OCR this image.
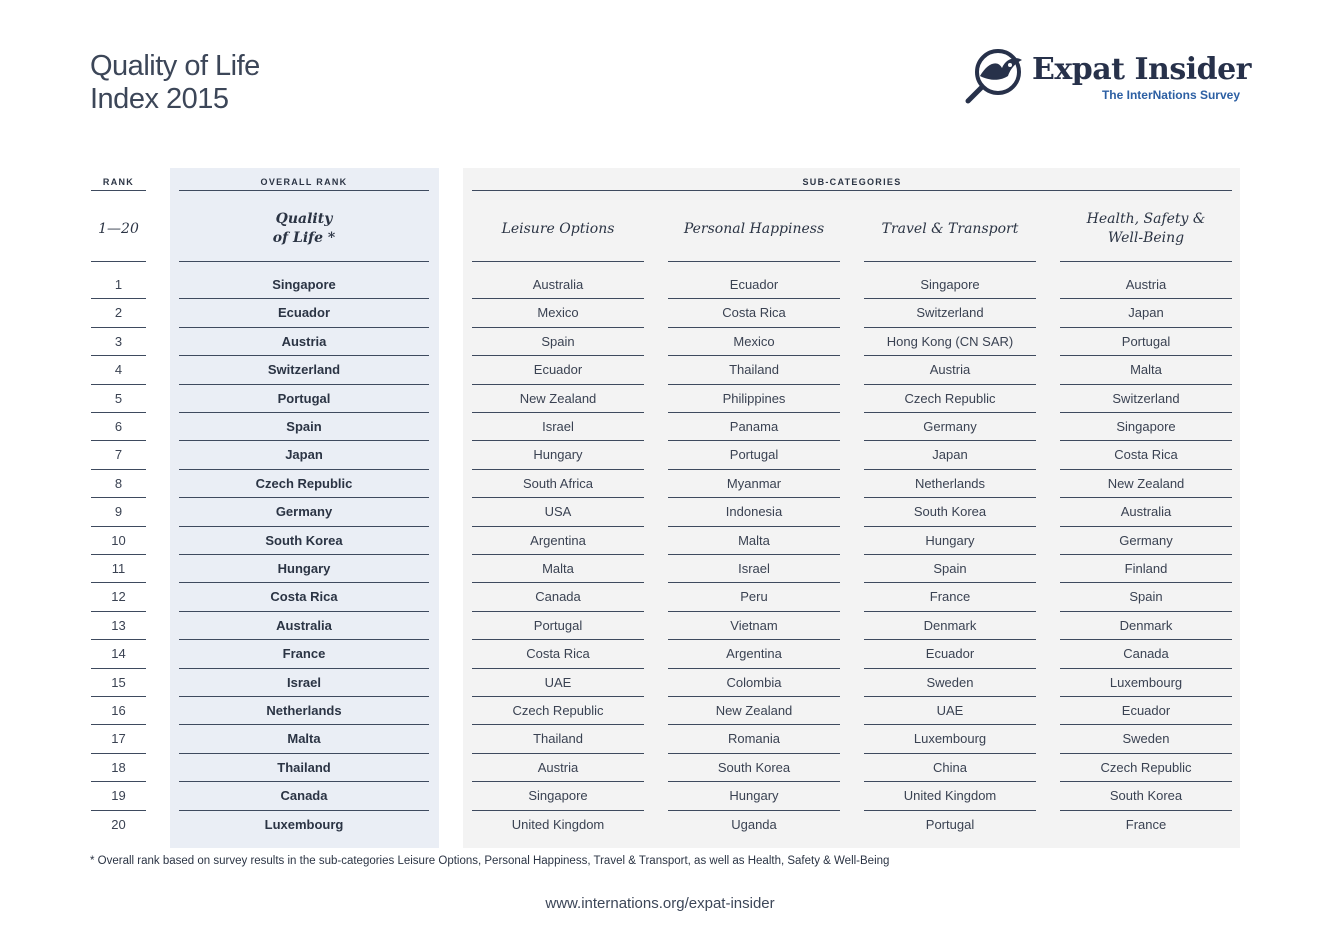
Quality of Life
Index 2015
Expat Insider
The InterNations Survey
RANK	OVERALL RANK	SUB-CATEGORIES
1—20
Quality
of Life *
Leisure Options	Personal Happiness	Travel & Transport
Health, Safety &
Well-Being
1	Singapore	Australia	Ecuador	Singapore	Austria
2	Ecuador	Mexico	Costa Rica	Switzerland	Japan
3	Austria	Spain	Mexico	Hong Kong (CN SAR)	Portugal
4	Switzerland	Ecuador	Thailand	Austria	Malta
5	Portugal	New Zealand	Philippines	Czech Republic	Switzerland
6	Spain	Israel	Panama	Germany	Singapore
7	Japan	Hungary	Portugal	Japan	Costa Rica
8	Czech Republic	South Africa	Myanmar	Netherlands	New Zealand
9	Germany	USA	Indonesia	South Korea	Australia
10	South Korea	Argentina	Malta	Hungary	Germany
11	Hungary	Malta	Israel	Spain	Finland
12	Costa Rica	Canada	Peru	France	Spain
13	Australia	Portugal	Vietnam	Denmark	Denmark
14	France	Costa Rica	Argentina	Ecuador	Canada
15	Israel	UAE	Colombia	Sweden	Luxembourg
16	Netherlands	Czech Republic	New Zealand	UAE	Ecuador
17	Malta	Thailand	Romania	Luxembourg	Sweden
18	Thailand	Austria	South Korea	China	Czech Republic
19	Canada	Singapore	Hungary	United Kingdom	South Korea
20	Luxembourg	United Kingdom	Uganda	Portugal	France
* Overall rank based on survey results in the sub-categories Leisure Options, Personal Happiness, Travel & Transport, as well as Health, Safety & Well-Being
www.internations.org/expat-insider
